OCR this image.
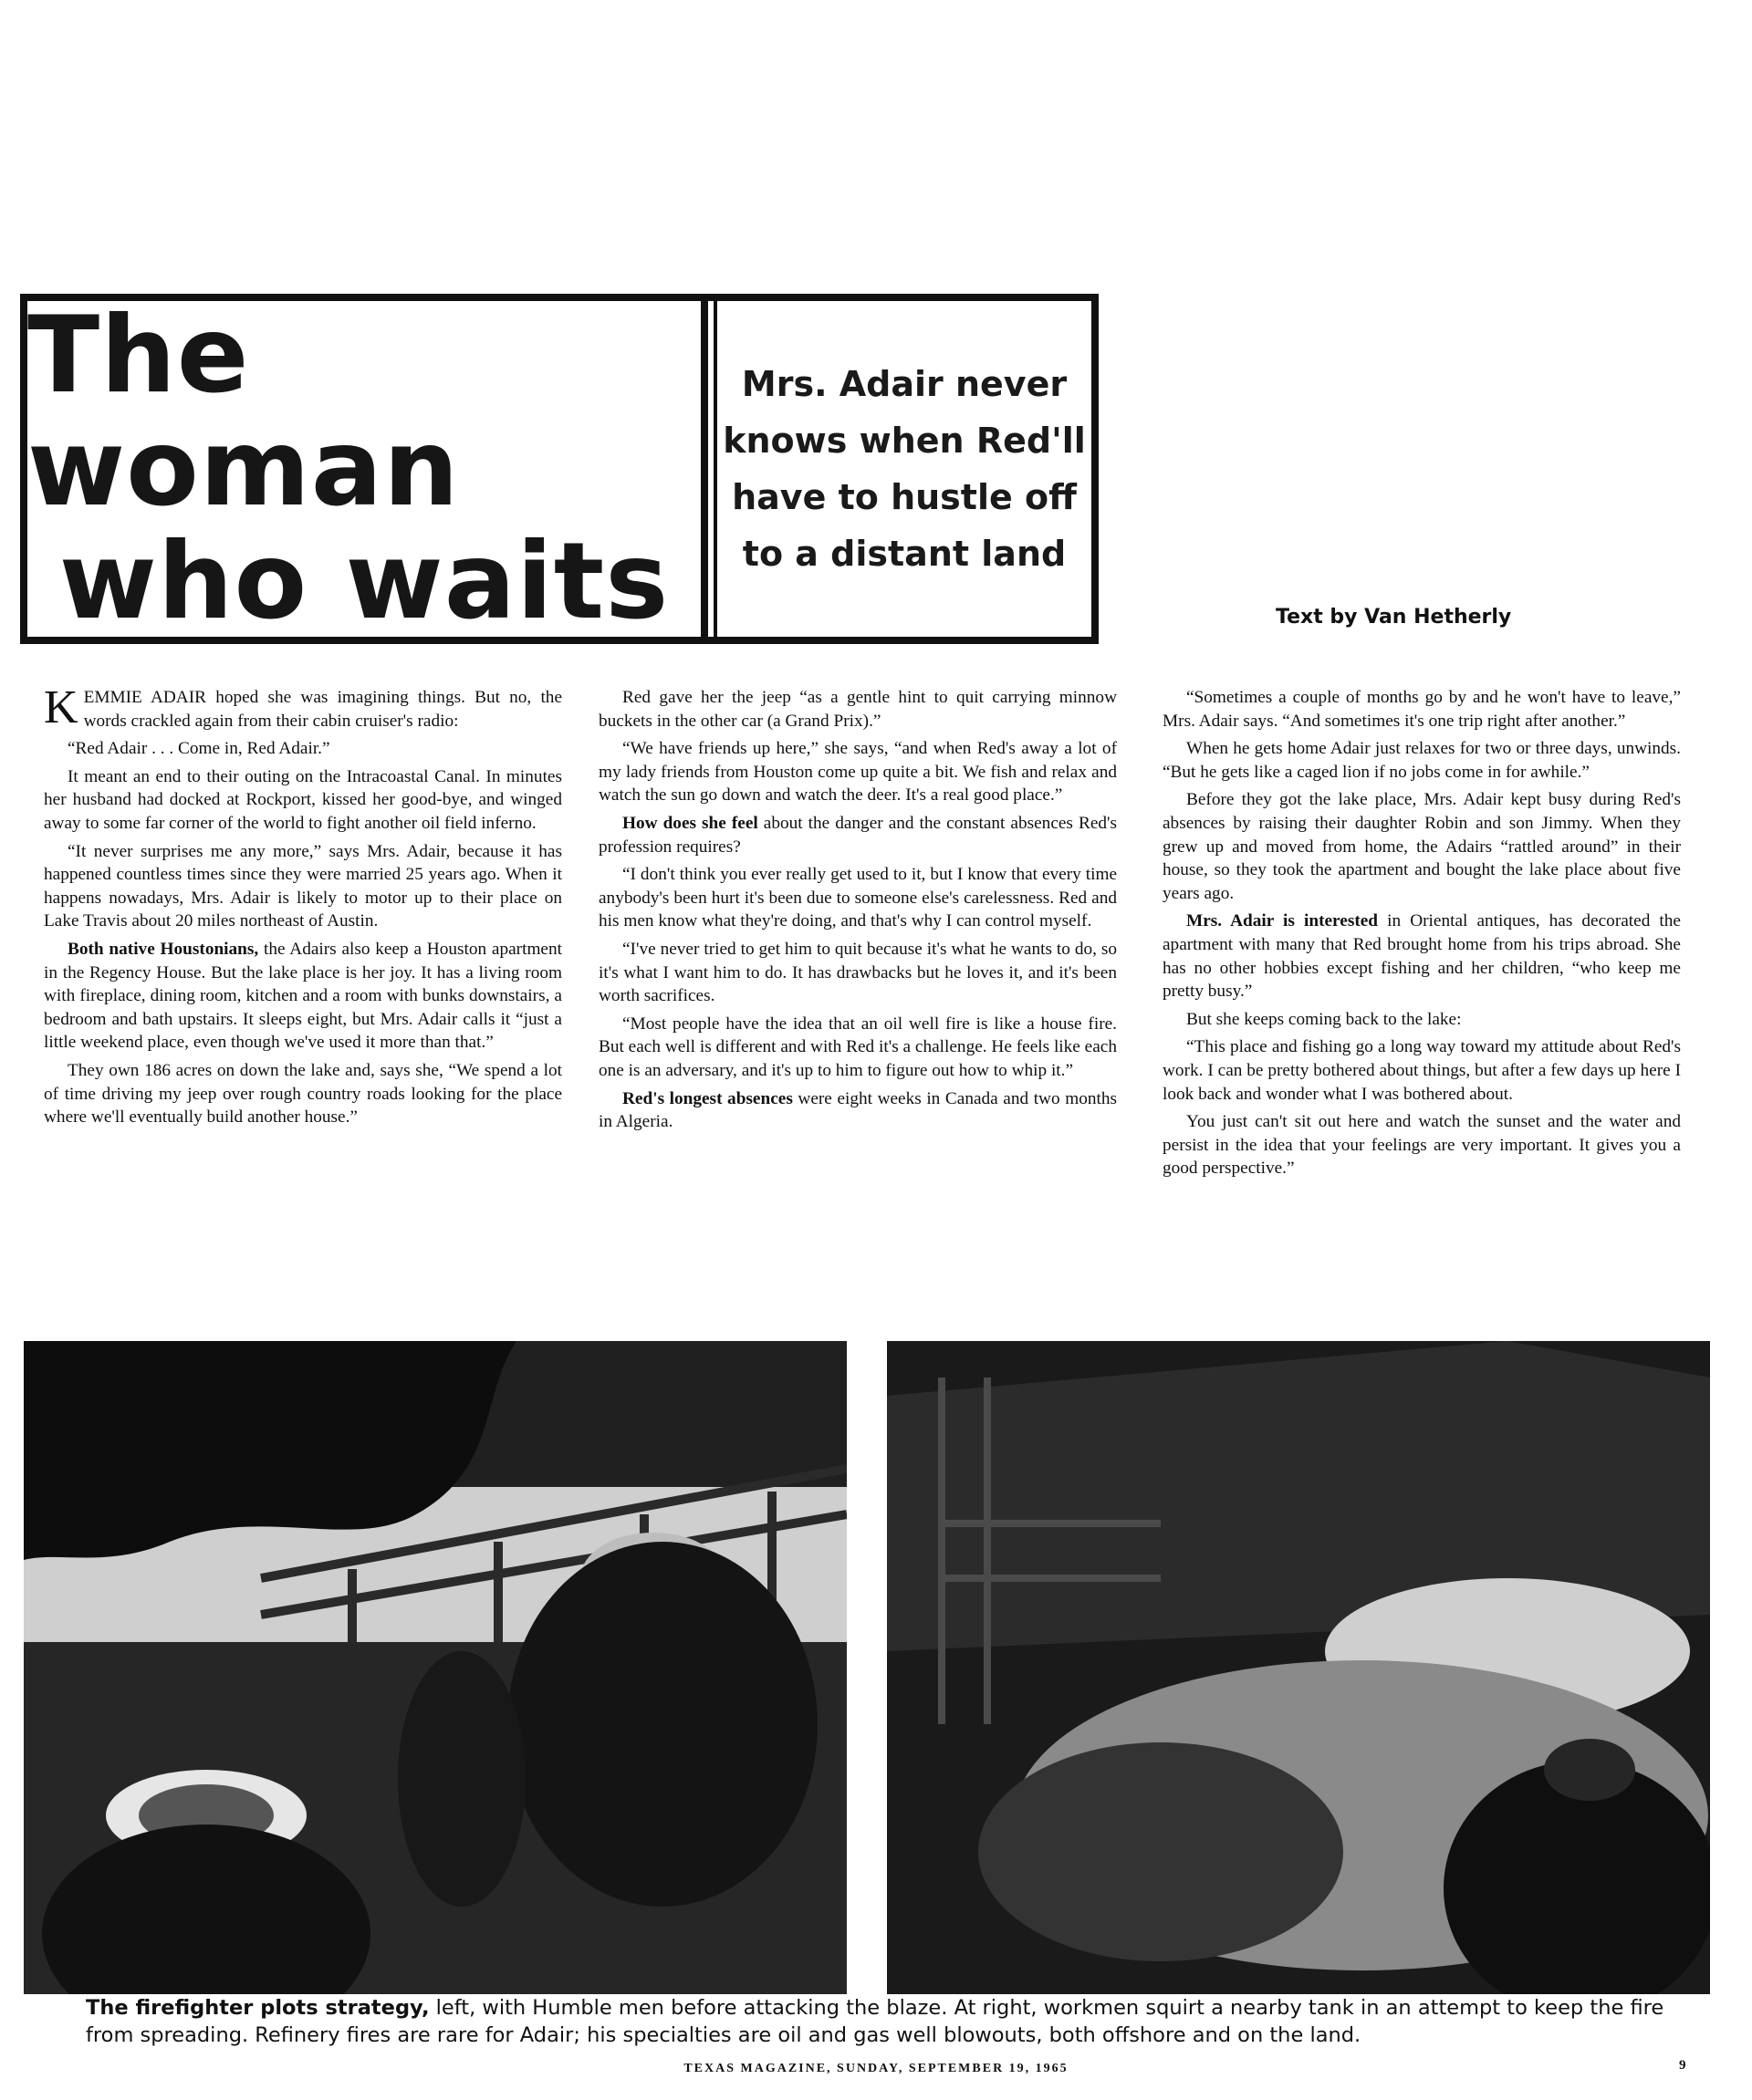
The woman
who waits
Mrs. Adair never
knows when Red'll
have to hustle off
to a distant land
Text by Van Hetherly

KEMMIE ADAIR hoped she was imagining things. But no, the words crackled again from their cabin cruiser's radio:

“Red Adair . . . Come in, Red Adair.”

It meant an end to their outing on the Intracoastal Canal. In minutes her husband had docked at Rockport, kissed her good-bye, and winged away to some far corner of the world to fight another oil field inferno.

“It never surprises me any more,” says Mrs. Adair, because it has happened countless times since they were married 25 years ago. When it happens nowadays, Mrs. Adair is likely to motor up to their place on Lake Travis about 20 miles northeast of Austin.

Both native Houstonians, the Adairs also keep a Houston apartment in the Regency House. But the lake place is her joy. It has a living room with fireplace, dining room, kitchen and a room with bunks downstairs, a bedroom and bath upstairs. It sleeps eight, but Mrs. Adair calls it “just a little weekend place, even though we've used it more than that.”

They own 186 acres on down the lake and, says she, “We spend a lot of time driving my jeep over rough country roads looking for the place where we'll eventually build another house.”

Red gave her the jeep “as a gentle hint to quit carrying minnow buckets in the other car (a Grand Prix).”

“We have friends up here,” she says, “and when Red's away a lot of my lady friends from Houston come up quite a bit. We fish and relax and watch the sun go down and watch the deer. It's a real good place.”

How does she feel about the danger and the constant absences Red's profession requires?

“I don't think you ever really get used to it, but I know that every time anybody's been hurt it's been due to someone else's carelessness. Red and his men know what they're doing, and that's why I can control myself.

“I've never tried to get him to quit because it's what he wants to do, so it's what I want him to do. It has drawbacks but he loves it, and it's been worth sacrifices.

“Most people have the idea that an oil well fire is like a house fire. But each well is different and with Red it's a challenge. He feels like each one is an adversary, and it's up to him to figure out how to whip it.”

Red's longest absences were eight weeks in Canada and two months in Algeria.

“Sometimes a couple of months go by and he won't have to leave,” Mrs. Adair says. “And sometimes it's one trip right after another.”

When he gets home Adair just relaxes for two or three days, unwinds. “But he gets like a caged lion if no jobs come in for awhile.”

Before they got the lake place, Mrs. Adair kept busy during Red's absences by raising their daughter Robin and son Jimmy. When they grew up and moved from home, the Adairs “rattled around” in their house, so they took the apartment and bought the lake place about five years ago.

Mrs. Adair is interested in Oriental antiques, has decorated the apartment with many that Red brought home from his trips abroad. She has no other hobbies except fishing and her children, “who keep me pretty busy.”

But she keeps coming back to the lake:

“This place and fishing go a long way toward my attitude about Red's work. I can be pretty bothered about things, but after a few days up here I look back and wonder what I was bothered about.

You just can't sit out here and watch the sunset and the water and persist in the idea that your feelings are very important. It gives you a good perspective.”

The firefighter plots strategy, left, with Humble men before attacking the blaze. At right, workmen squirt a nearby tank in an attempt to keep the fire from spreading. Refinery fires are rare for Adair; his specialties are oil and gas well blowouts, both offshore and on the land.
TEXAS MAGAZINE, SUNDAY, SEPTEMBER 19, 1965	9
